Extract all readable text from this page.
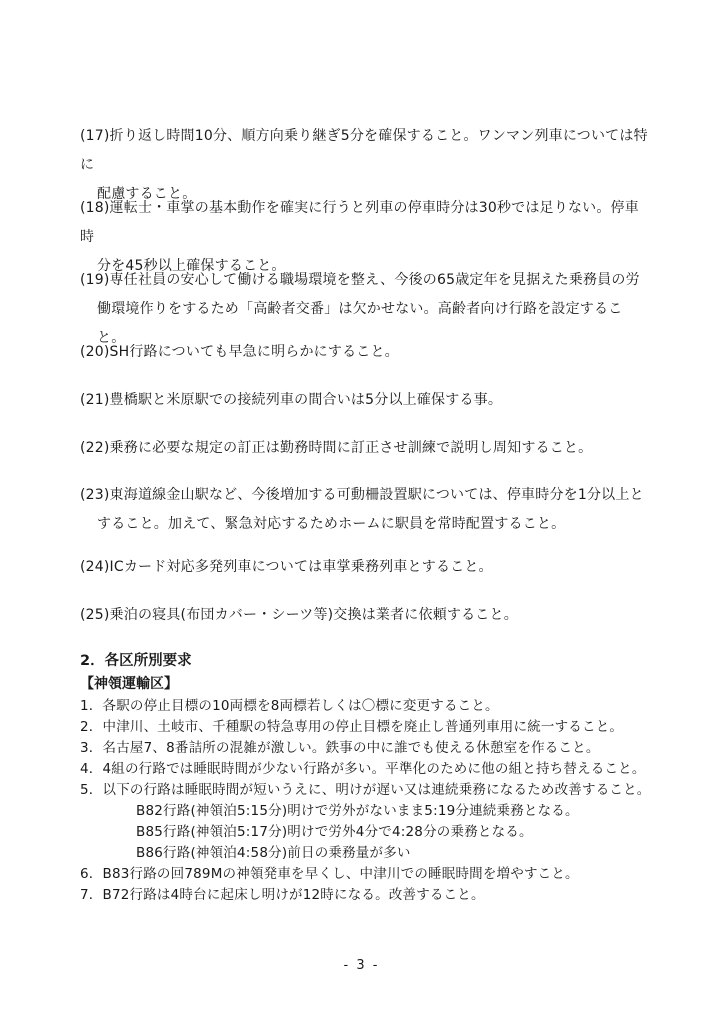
(17)折り返し時間10分、順方向乗り継ぎ5分を確保すること。ワンマン列車については特に
配慮すること。
(18)運転士・車掌の基本動作を確実に行うと列車の停車時分は30秒では足りない。停車時
分を45秒以上確保すること。
(19)専任社員の安心して働ける職場環境を整え、今後の65歳定年を見据えた乗務員の労
働環境作りをするため「高齢者交番」は欠かせない。高齢者向け行路を設定すること。
(20)SH行路についても早急に明らかにすること。
(21)豊橋駅と米原駅での接続列車の間合いは5分以上確保する事。
(22)乗務に必要な規定の訂正は勤務時間に訂正させ訓練で説明し周知すること。
(23)東海道線金山駅など、今後増加する可動柵設置駅については、停車時分を1分以上と
すること。加えて、緊急対応するためホームに駅員を常時配置すること。
(24)ICカード対応多発列車については車掌乗務列車とすること。
(25)乗泊の寝具(布団カバー・シーツ等)交換は業者に依頼すること。
2．各区所別要求
【神領運輸区】
1．各駅の停止目標の10両標を8両標若しくは〇標に変更すること。
2．中津川、土岐市、千種駅の特急専用の停止目標を廃止し普通列車用に統一すること。
3．名古屋7、8番詰所の混雑が激しい。鉄事の中に誰でも使える休憩室を作ること。
4．4組の行路では睡眠時間が少ない行路が多い。平準化のために他の組と持ち替えること。
5．以下の行路は睡眠時間が短いうえに、明けが遅い又は連続乗務になるため改善すること。
B82行路(神領泊5:15分)明けで労外がないまま5:19分連続乗務となる。
B85行路(神領泊5:17分)明けで労外4分で4:28分の乗務となる。
B86行路(神領泊4:58分)前日の乗務量が多い
6．B83行路の回789Mの神領発車を早くし、中津川での睡眠時間を増やすこと。
7．B72行路は4時台に起床し明けが12時になる。改善すること。
- 3 -
